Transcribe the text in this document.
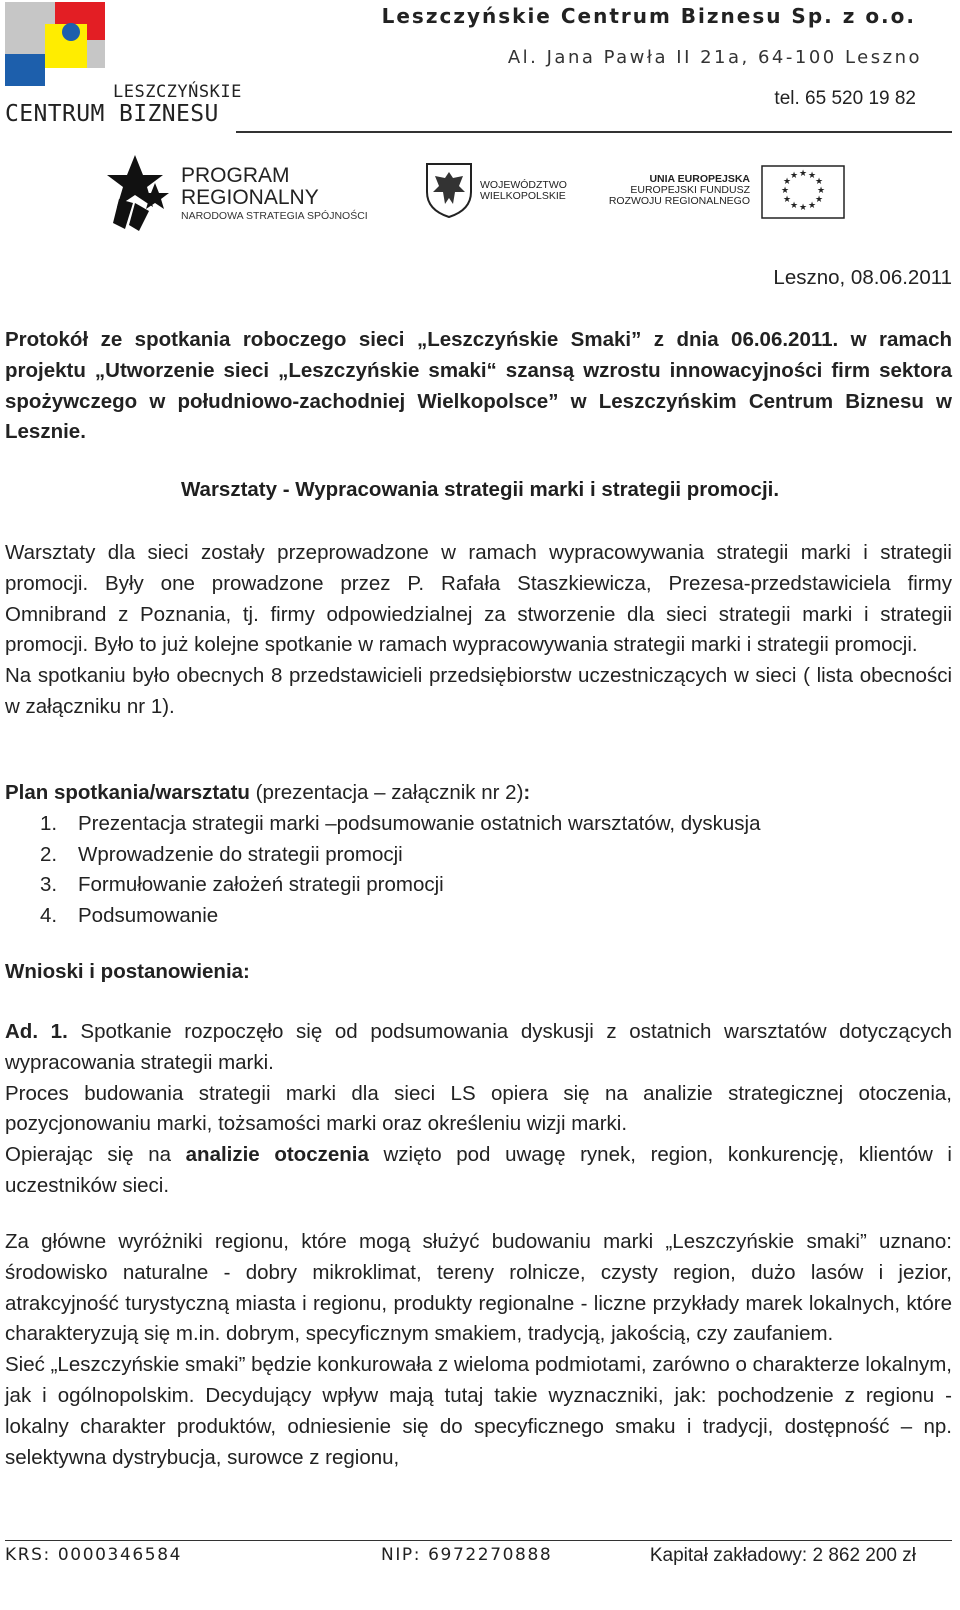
LESZCZYŃSKIE
CENTRUM BIZNESU
Leszczyńskie Centrum Biznesu Sp. z o.o.
Al. Jana Pawła II 21a, 64-100 Leszno
tel. 65 520 19 82
PROGRAM
REGIONALNY
NARODOWA STRATEGIA SPÓJNOŚCI
WOJEWÓDZTWO
WIELKOPOLSKIE
UNIA EUROPEJSKA
EUROPEJSKI FUNDUSZ
ROZWOJU REGIONALNEGO
★ ★
★
★
★
★
★
★
★
★
★
★
Leszno, 08.06.2011
Protokół ze spotkania roboczego sieci „Leszczyńskie Smaki” z dnia 06.06.2011. w ramach projektu „Utworzenie sieci „Leszczyńskie smaki“ szansą wzrostu innowacyjności firm sektora spożywczego w południowo-zachodniej Wielkopolsce” w Leszczyńskim Centrum Biznesu w Lesznie.
Warsztaty - Wypracowania strategii marki i strategii promocji.

Warsztaty dla sieci zostały przeprowadzone w ramach wypracowywania strategii marki i strategii promocji. Były one prowadzone przez P. Rafała Staszkiewicza, Prezesa-przedstawiciela firmy Omnibrand z Poznania, tj. firmy odpowiedzialnej za stworzenie dla sieci strategii marki i strategii promocji. Było to już kolejne spotkanie w ramach wypracowywania strategii marki i strategii promocji.

Na spotkaniu było obecnych 8 przedstawicieli przedsiębiorstw uczestniczących w sieci ( lista obecności w załączniku nr 1).

Plan spotkania/warsztatu (prezentacja – załącznik nr 2):

1. Prezentacja strategii marki –podsumowanie ostatnich warsztatów, dyskusja
2. Wprowadzenie do strategii promocji
3. Formułowanie założeń strategii promocji
4. Podsumowanie
Wnioski i postanowienia:

Ad. 1. Spotkanie rozpoczęło się od podsumowania dyskusji z ostatnich warsztatów dotyczących wypracowania strategii marki.

Proces budowania strategii marki dla sieci LS opiera się na analizie strategicznej otoczenia, pozycjonowaniu marki, tożsamości marki oraz określeniu wizji marki.

Opierając się na analizie otoczenia wzięto pod uwagę rynek, region, konkurencję, klientów i uczestników sieci.

Za główne wyróżniki regionu, które mogą służyć budowaniu marki „Leszczyńskie smaki” uznano: środowisko naturalne - dobry mikroklimat, tereny rolnicze, czysty region, dużo lasów i jezior, atrakcyjność turystyczną miasta i regionu, produkty regionalne - liczne przykłady marek lokalnych, które charakteryzują się m.in. dobrym, specyficznym smakiem, tradycją, jakością, czy zaufaniem.

Sieć „Leszczyńskie smaki” będzie konkurowała z wieloma podmiotami, zarówno o charakterze lokalnym, jak i ogólnopolskim. Decydujący wpływ mają tutaj takie wyznaczniki, jak: pochodzenie z regionu - lokalny charakter produktów, odniesienie się do specyficznego smaku i tradycji, dostępność – np. selektywna dystrybucja, surowce z regionu,

KRS: 0000346584	NIP: 6972270888	Kapitał zakładowy: 2 862 200 zł
